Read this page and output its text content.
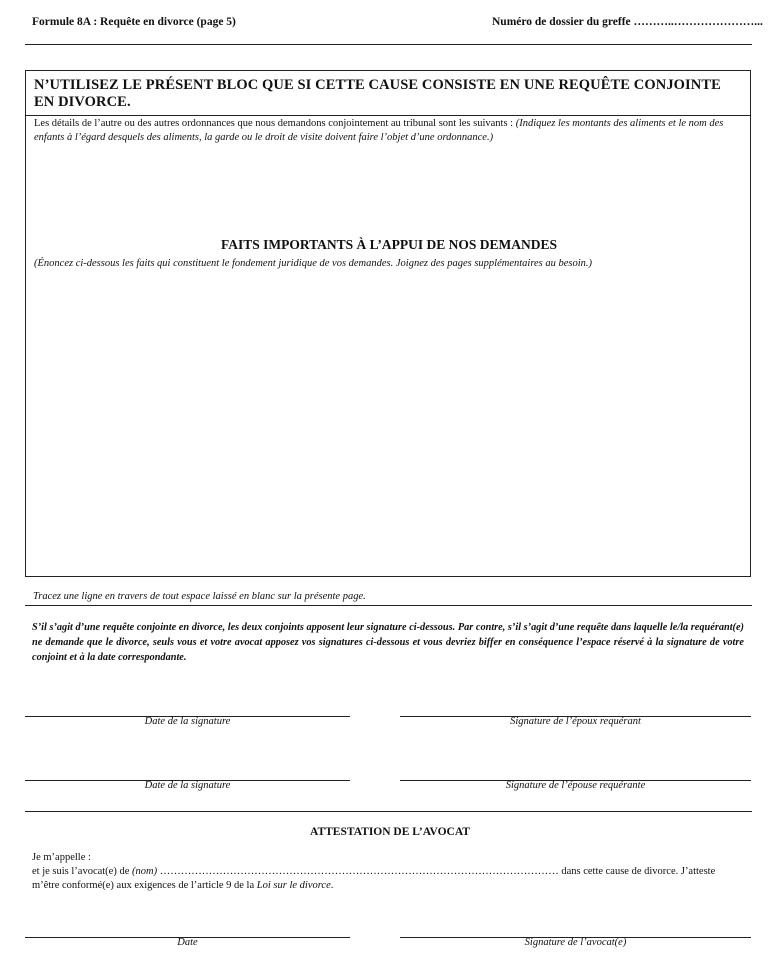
Formule 8A : Requête en divorce (page 5)	Numéro de dossier du greffe ………..…………………...
N’UTILISEZ LE PRÉSENT BLOC QUE SI CETTE CAUSE CONSISTE EN UNE REQUÊTE CONJOINTE EN DIVORCE.
Les détails de l’autre ou des autres ordonnances que nous demandons conjointement au tribunal sont les suivants : (Indiquez les montants des aliments et le nom des enfants à l’égard desquels des aliments, la garde ou le droit de visite doivent faire l’objet d’une ordonnance.)
FAITS IMPORTANTS À L’APPUI DE NOS DEMANDES
(Énoncez ci-dessous les faits qui constituent le fondement juridique de vos demandes. Joignez des pages supplémentaires au besoin.)
Tracez une ligne en travers de tout espace laissé en blanc sur la présente page.
S’il s’agit d’une requête conjointe en divorce, les deux conjoints apposent leur signature ci-dessous. Par contre, s’il s’agit d’une requête dans laquelle le/la requérant(e) ne demande que le divorce, seuls vous et votre avocat apposez vos signatures ci-dessous et vous devriez biffer en conséquence l’espace réservé à la signature de votre conjoint et à la date correspondante.
Date de la signature	Signature de l’époux requérant
Date de la signature	Signature de l’épouse requérante
ATTESTATION DE L’AVOCAT
Je m’appelle :
et je suis l’avocat(e) de (nom) …………………………………………………………………………………………………… dans cette cause de divorce. J’atteste
m’être conformé(e) aux exigences de l’article 9 de la Loi sur le divorce.
Date	Signature de l’avocat(e)
